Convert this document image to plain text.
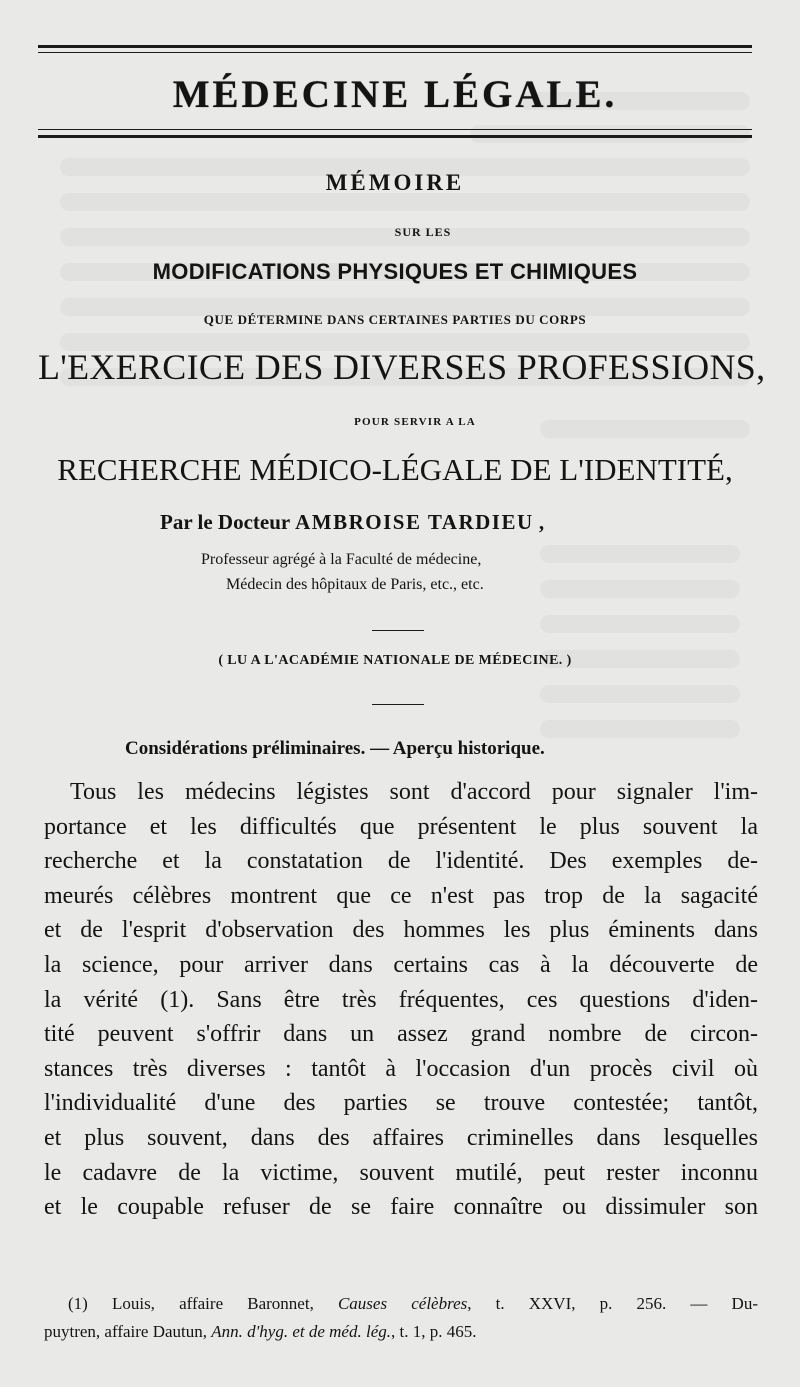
MÉDECINE LÉGALE.
MÉMOIRE
SUR LES
MODIFICATIONS PHYSIQUES ET CHIMIQUES
QUE DÉTERMINE DANS CERTAINES PARTIES DU CORPS
L'EXERCICE DES DIVERSES PROFESSIONS,
POUR SERVIR A LA
RECHERCHE MÉDICO-LÉGALE DE L'IDENTITÉ,
Par le Docteur AMBROISE TARDIEU ,
Professeur agrégé à la Faculté de médecine,
Médecin des hôpitaux de Paris, etc., etc.
( LU A L'ACADÉMIE NATIONALE DE MÉDECINE. )
Considérations préliminaires. — Aperçu historique.
Tous les médecins légistes sont d'accord pour signaler l'im-
portance et les difficultés que présentent le plus souvent la
recherche et la constatation de l'identité. Des exemples de-
meurés célèbres montrent que ce n'est pas trop de la sagacité
et de l'esprit d'observation des hommes les plus éminents dans
la science, pour arriver dans certains cas à la découverte de
la vérité (1). Sans être très fréquentes, ces questions d'iden-
tité peuvent s'offrir dans un assez grand nombre de circon-
stances très diverses : tantôt à l'occasion d'un procès civil où
l'individualité d'une des parties se trouve contestée; tantôt,
et plus souvent, dans des affaires criminelles dans lesquelles
le cadavre de la victime, souvent mutilé, peut rester inconnu
et le coupable refuser de se faire connaître ou dissimuler son
(1) Louis, affaire Baronnet, Causes célèbres, t. XXVI, p. 256. — Du-
puytren, affaire Dautun, Ann. d'hyg. et de méd. lég., t. 1, p. 465.
